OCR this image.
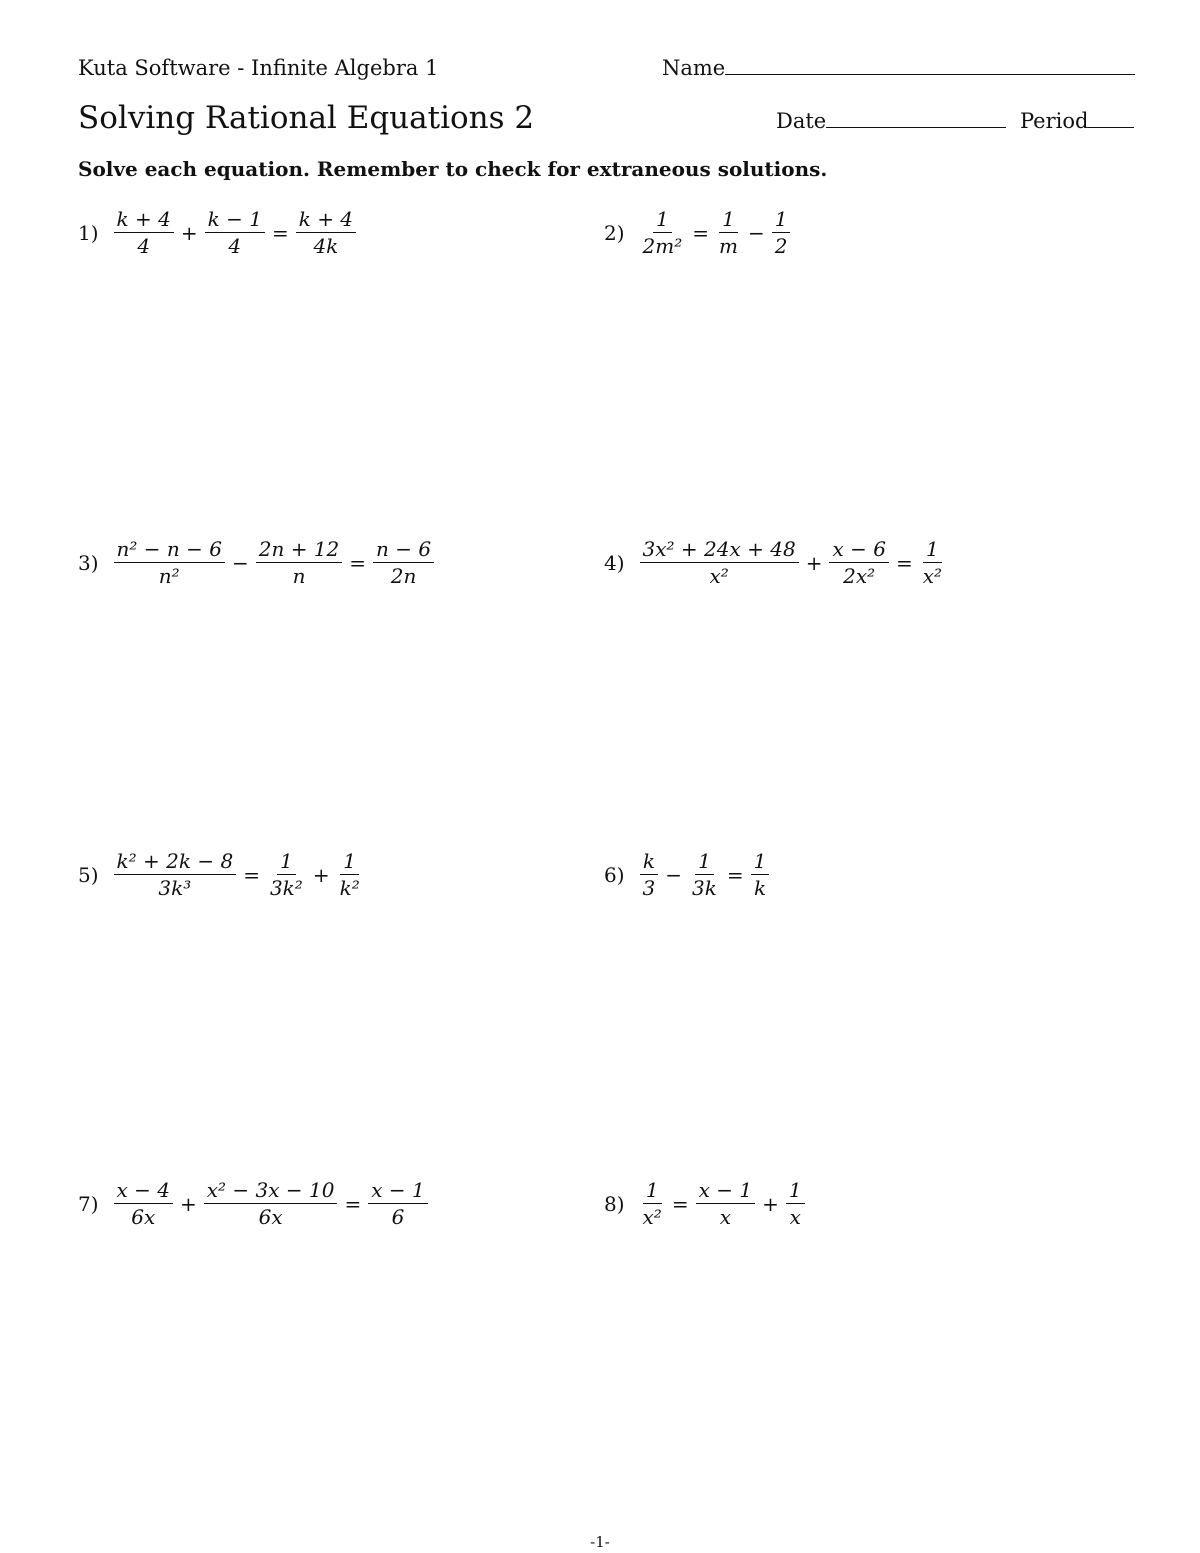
Kuta Software - Infinite Algebra 1	Name
Solving Rational Equations 2	Date	Period
Solve each equation. Remember to check for extraneous solutions.
$1) \frac{k + 4}{4} + \frac{k - 1}{4} = \frac{k + 4}{4k}$	$2) \frac{1}{\text{2m²}} = \frac{1}{m} - \frac{1}{2}$
$3) \frac{\text{n² − n − 6}}{\text{n²}} - \frac{2n + 12}{n} = \frac{n - 6}{2n}$	$4) \frac{\text{3x² + 24x + 48}}{\text{x²}} + \frac{x - 6}{\text{2x²}} = \frac{1}{\text{x²}}$
$5) \frac{\text{k² + 2k − 8}}{\text{3k³}} = \frac{1}{\text{3k²}} + \frac{1}{\text{k²}}$	$6) \frac{k}{3} - \frac{1}{3k} = \frac{1}{k}$
$7) \frac{x - 4}{6x} + \frac{\text{x² − 3x − 10}}{6x} = \frac{x - 1}{6}$	$8) \frac{1}{\text{x²}} = \frac{x - 1}{x} + \frac{1}{x}$
-1-
